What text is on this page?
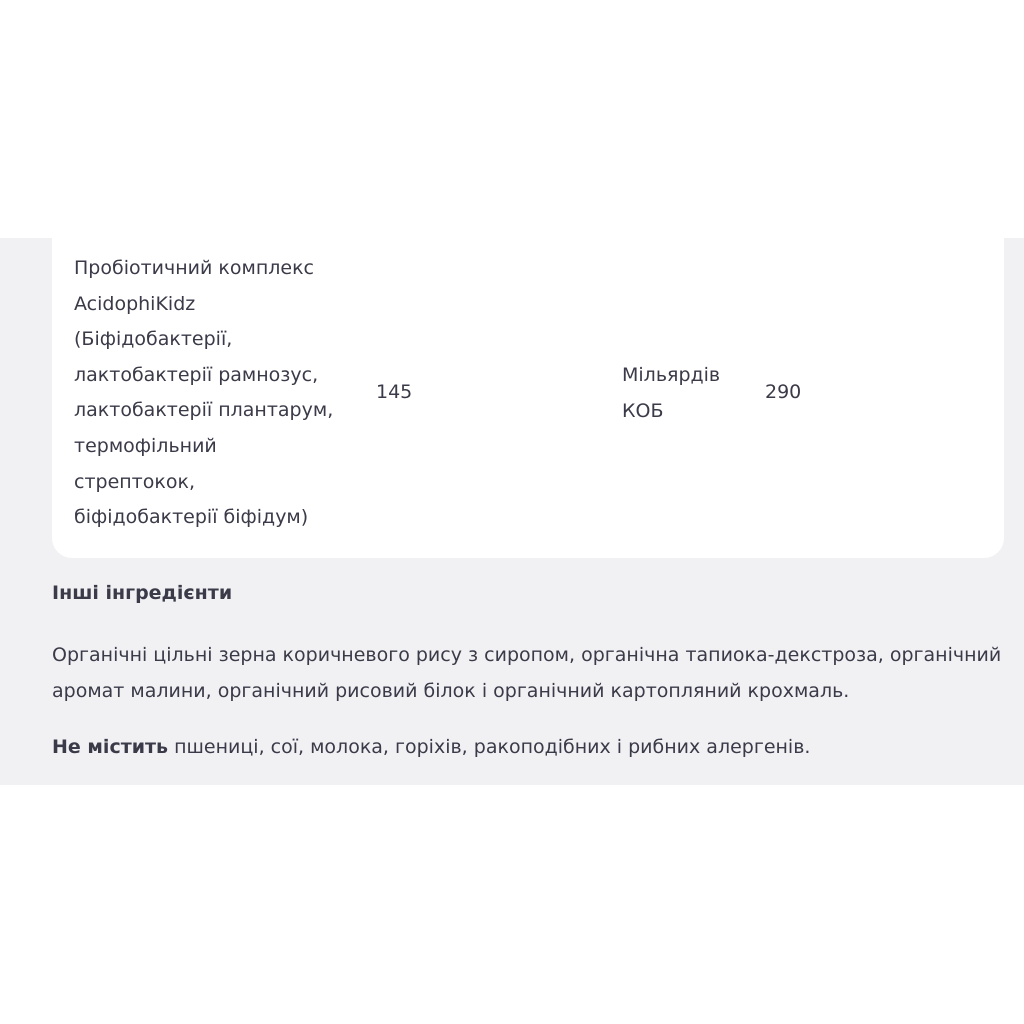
Пробіотичний комплекс
AcidophiKidz
(Біфідобактерії,
лактобактерії рамнозус,
лактобактерії плантарум,
термофільний
стрептокок,
біфідобактерії біфідум)
145
Мільярдів
КОБ
290
Інші інгредієнти

Органічні цільні зерна коричневого рису з сиропом, органічна тапиока-декстроза, органічний
аромат малини, органічний рисовий білок і органічний картопляний крохмаль.

Не містить пшениці, сої, молока, горіхів, ракоподібних і рибних алергенів.
